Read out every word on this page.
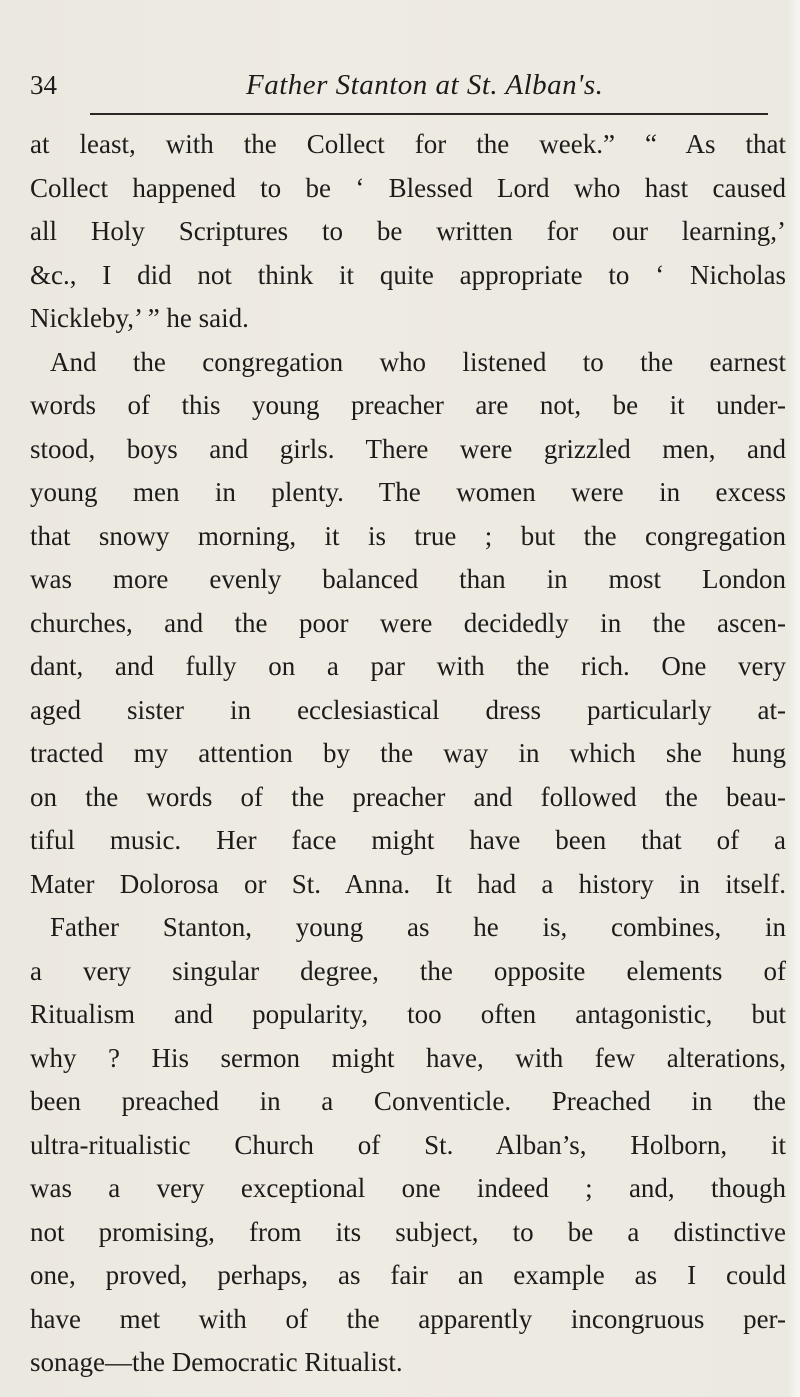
34	Father Stanton at St. Alban's.
at least, with the Collect for the week.” “ As that
Collect happened to be ‘ Blessed Lord who hast caused
all Holy Scriptures to be written for our learning,’
&c., I did not think it quite appropriate to ‘ Nicholas
Nickleby,’ ” he said.
And the congregation who listened to the earnest
words of this young preacher are not, be it under-
stood, boys and girls. There were grizzled men, and
young men in plenty. The women were in excess
that snowy morning, it is true ; but the congregation
was more evenly balanced than in most London
churches, and the poor were decidedly in the ascen-
dant, and fully on a par with the rich. One very
aged sister in ecclesiastical dress particularly at-
tracted my attention by the way in which she hung
on the words of the preacher and followed the beau-
tiful music. Her face might have been that of a
Mater Dolorosa or St. Anna. It had a history in itself.
Father Stanton, young as he is, combines, in
a very singular degree, the opposite elements of
Ritualism and popularity, too often antagonistic, but
why ? His sermon might have, with few alterations,
been preached in a Conventicle. Preached in the
ultra-ritualistic Church of St. Alban’s, Holborn, it
was a very exceptional one indeed ; and, though
not promising, from its subject, to be a distinctive
one, proved, perhaps, as fair an example as I could
have met with of the apparently incongruous per-
sonage—the Democratic Ritualist.
